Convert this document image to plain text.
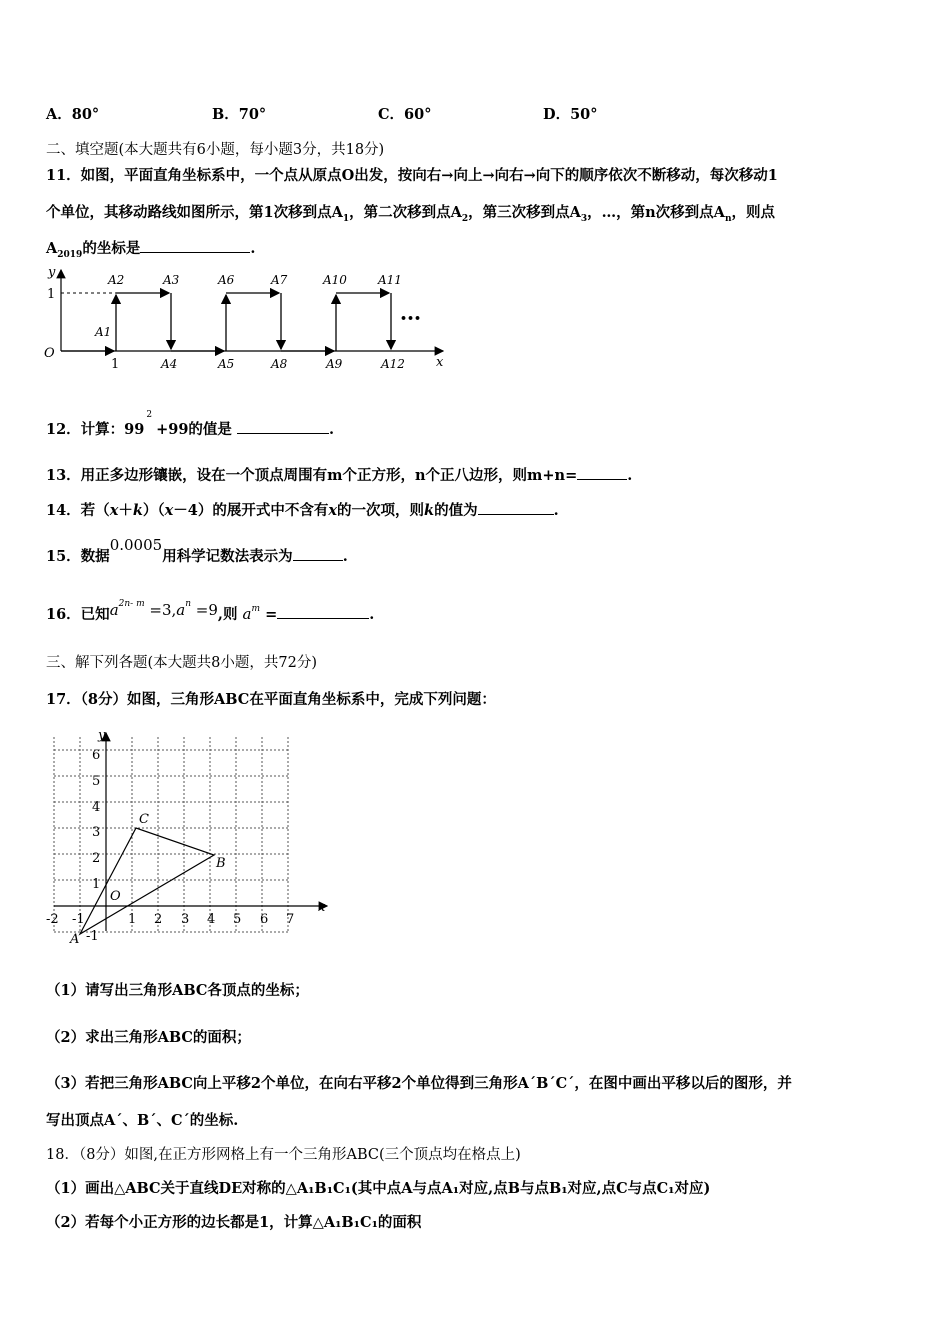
A．80°	B．70°	C．60°	D．50°
二、填空题(本大题共有6小题，每小题3分，共18分)
11．如图，平面直角坐标系中，一个点从原点O出发，按向右→向上→向右→向下的顺序依次不断移动，每次移动1
个单位，其移动路线如图所示，第1次移到点$A_1$，第二次移到点$A_2$，第三次移到点$A_3$，…，第n次移到点$A_n$，则点
$A_{2019}$的坐标是	.
y
x
O
1
1
•••
A1
A2	A3
A4	A5
A6	A7
A8	A9
A10	A11
A12
12．计算：$99^2+99$的值是	.
13．用正多边形镶嵌，设在一个顶点周围有m个正方形，n个正八边形，则m+n=	.
14．若（x＋k）（x－4）的展开式中不含有x的一次项，则k的值为	.
15．数据0.0005用科学记数法表示为	.
16．已知$a^{2n- m} =3,a^n =9$,则 $a^m$ =	.
三、解下列各题(本大题共8小题，共72分)
17．（8分）如图，三角形ABC在平面直角坐标系中，完成下列问题：
y
x
O
A
B
C
-2 -1	1 2 3 4 5 6 7
6
5
4
3
2
1
-1
（1）请写出三角形ABC各顶点的坐标；
（2）求出三角形ABC的面积；
（3）若把三角形ABC向上平移2个单位，在向右平移2个单位得到三角形A´B´C´，在图中画出平移以后的图形，并
写出顶点A´、B´、C´的坐标.
18．（8分）如图,在正方形网格上有一个三角形ABC(三个顶点均在格点上)
（1）画出△ABC关于直线DE对称的△A₁B₁C₁(其中点A与点A₁对应,点B与点B₁对应,点C与点C₁对应)
（2）若每个小正方形的边长都是1，计算△A₁B₁C₁的面积
